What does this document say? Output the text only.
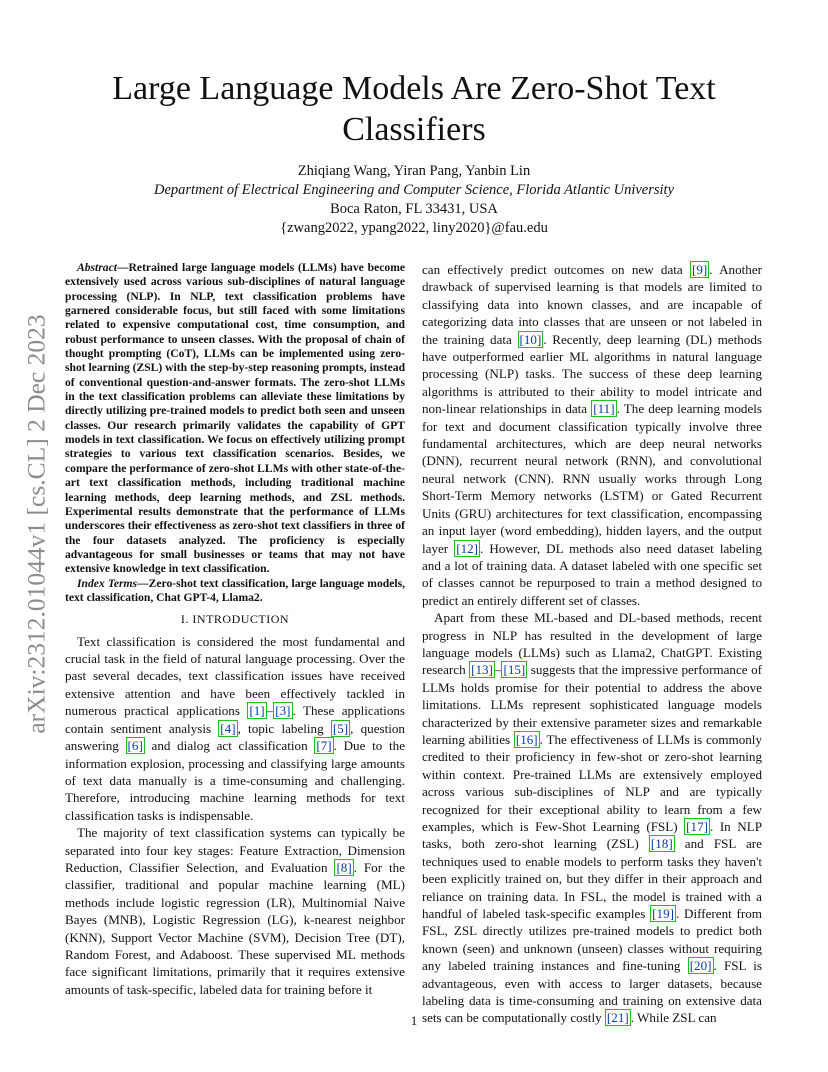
arXiv:2312.01044v1 [cs.CL] 2 Dec 2023
Large Language Models Are Zero-Shot Text Classifiers
Zhiqiang Wang, Yiran Pang, Yanbin Lin
Department of Electrical Engineering and Computer Science, Florida Atlantic University
Boca Raton, FL 33431, USA
{zwang2022, ypang2022, liny2020}@fau.edu

Abstract—Retrained large language models (LLMs) have become extensively used across various sub-disciplines of natural language processing (NLP). In NLP, text classification problems have garnered considerable focus, but still faced with some limitations related to expensive computational cost, time consumption, and robust performance to unseen classes. With the proposal of chain of thought prompting (CoT), LLMs can be implemented using zero-shot learning (ZSL) with the step-by-step reasoning prompts, instead of conventional question-and-answer formats. The zero-shot LLMs in the text classification problems can alleviate these limitations by directly utilizing pre-trained models to predict both seen and unseen classes. Our research primarily validates the capability of GPT models in text classification. We focus on effectively utilizing prompt strategies to various text classification scenarios. Besides, we compare the performance of zero-shot LLMs with other state-of-the-art text classification methods, including traditional machine learning methods, deep learning methods, and ZSL methods. Experimental results demonstrate that the performance of LLMs underscores their effectiveness as zero-shot text classifiers in three of the four datasets analyzed. The proficiency is especially advantageous for small businesses or teams that may not have extensive knowledge in text classification.

Index Terms—Zero-shot text classification, large language models, text classification, Chat GPT-4, Llama2.

I. INTRODUCTION

Text classification is considered the most fundamental and crucial task in the field of natural language processing. Over the past several decades, text classification issues have received extensive attention and have been effectively tackled in numerous practical applications [1] – [3] . These applications contain sentiment analysis [4] , topic labeling [5] , question answering [6] and dialog act classification [7] . Due to the information explosion, processing and classifying large amounts of text data manually is a time-consuming and challenging. Therefore, introducing machine learning methods for text classification tasks is indispensable.

The majority of text classification systems can typically be separated into four key stages: Feature Extraction, Dimension Reduction, Classifier Selection, and Evaluation [8] . For the classifier, traditional and popular machine learning (ML) methods include logistic regression (LR), Multinomial Naive Bayes (MNB), Logistic Regression (LG), k-nearest neighbor (KNN), Support Vector Machine (SVM), Decision Tree (DT), Random Forest, and Adaboost. These supervised ML methods face significant limitations, primarily that it requires extensive amounts of task-specific, labeled data for training before it

can effectively predict outcomes on new data [9] . Another drawback of supervised learning is that models are limited to classifying data into known classes, and are incapable of categorizing data into classes that are unseen or not labeled in the training data [10] . Recently, deep learning (DL) methods have outperformed earlier ML algorithms in natural language processing (NLP) tasks. The success of these deep learning algorithms is attributed to their ability to model intricate and non-linear relationships in data [11] . The deep learning models for text and document classification typically involve three fundamental architectures, which are deep neural networks (DNN), recurrent neural network (RNN), and convolutional neural network (CNN). RNN usually works through Long Short-Term Memory networks (LSTM) or Gated Recurrent Units (GRU) architectures for text classification, encompassing an input layer (word embedding), hidden layers, and the output layer [12] . However, DL methods also need dataset labeling and a lot of training data. A dataset labeled with one specific set of classes cannot be repurposed to train a method designed to predict an entirely different set of classes.

Apart from these ML-based and DL-based methods, recent progress in NLP has resulted in the development of large language models (LLMs) such as Llama2, ChatGPT. Existing research [13] – [15] suggests that the impressive performance of LLMs holds promise for their potential to address the above limitations. LLMs represent sophisticated language models characterized by their extensive parameter sizes and remarkable learning abilities [16] . The effectiveness of LLMs is commonly credited to their proficiency in few-shot or zero-shot learning within context. Pre-trained LLMs are extensively employed across various sub-disciplines of NLP and are typically recognized for their exceptional ability to learn from a few examples, which is Few-Shot Learning (FSL) [17] . In NLP tasks, both zero-shot learning (ZSL) [18] and FSL are techniques used to enable models to perform tasks they haven't been explicitly trained on, but they differ in their approach and reliance on training data. In FSL, the model is trained with a handful of labeled task-specific examples [19] . Different from FSL, ZSL directly utilizes pre-trained models to predict both known (seen) and unknown (unseen) classes without requiring any labeled training instances and fine-tuning [20] . FSL is advantageous, even with access to larger datasets, because labeling data is time-consuming and training on extensive data sets can be computationally costly [21] . While ZSL can

1
